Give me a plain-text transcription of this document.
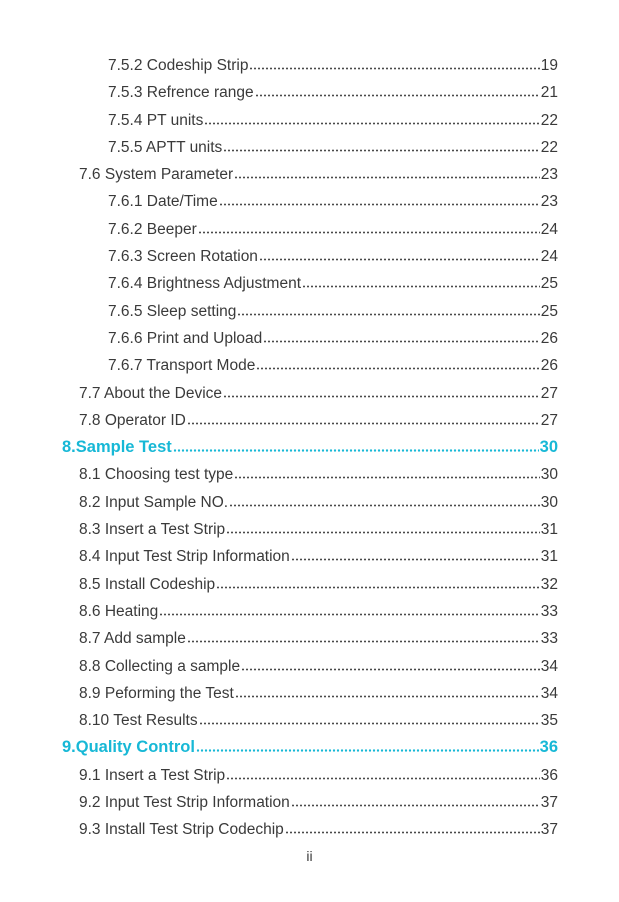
7.5.2 Codeship Strip	19
7.5.3 Refrence range	21
7.5.4 PT units	22
7.5.5 APTT units	22
7.6 System Parameter	23
7.6.1 Date/Time	23
7.6.2 Beeper	24
7.6.3 Screen Rotation	24
7.6.4 Brightness Adjustment	25
7.6.5 Sleep setting	25
7.6.6 Print and Upload	26
7.6.7 Transport Mode	26
7.7 About the Device	27
7.8 Operator ID	27
8.Sample Test	30
8.1 Choosing test type	30
8.2 Input Sample NO.	30
8.3 Insert a Test Strip	31
8.4 Input Test Strip Information	31
8.5 Install Codeship	32
8.6 Heating	33
8.7 Add sample	33
8.8 Collecting a sample	34
8.9 Peforming the Test	34
8.10 Test Results	35
9.Quality Control	36
9.1 Insert a Test Strip	36
9.2 Input Test Strip Information	37
9.3 Install Test Strip Codechip	37
ii
